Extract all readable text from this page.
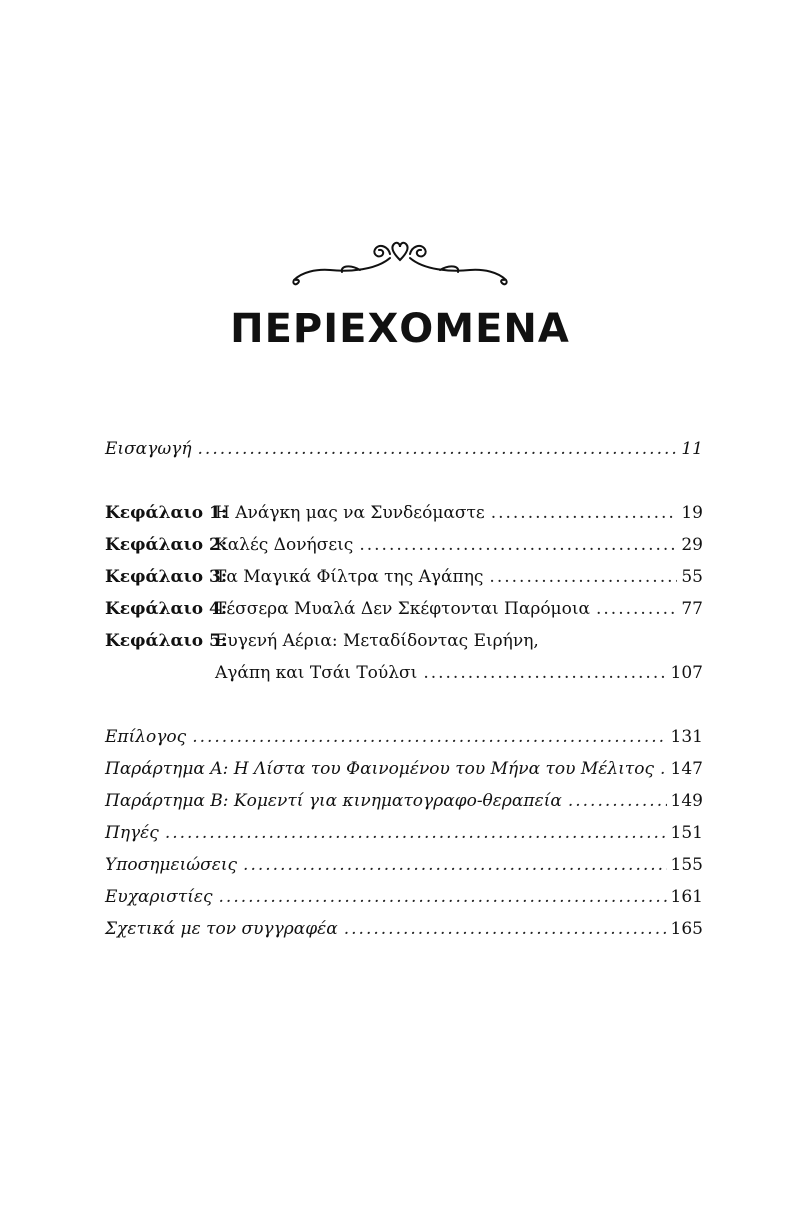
ΠΕΡΙΕΧΟΜΕΝΑ
Εισαγωγή .....	11
Κεφάλαιο 1:Η Ανάγκη μας να Συνδεόμαστε .....	19
Κεφάλαιο 2:Καλές Δονήσεις .....	29
Κεφάλαιο 3:Τα Μαγικά Φίλτρα της Αγάπης .....	55
Κεφάλαιο 4:Τέσσερα Μυαλά Δεν Σκέφτονται Παρόμοια .....	77
Κεφάλαιο 5:Ευγενή Αέρια: Μεταδίδοντας Ειρήνη,
Αγάπη και Τσάι Τούλσι .....	107
Επίλογος .....	131
Παράρτημα Α: Η Λίστα του Φαινομένου του Μήνα του Μέλιτος ..... 147
Παράρτημα Β: Κομεντί για κινηματογραφο-θεραπεία .....	149
Πηγές .....	151
Υποσημειώσεις .....	155
Ευχαριστίες .....	161
Σχετικά με τον συγγραφέα .....	165
